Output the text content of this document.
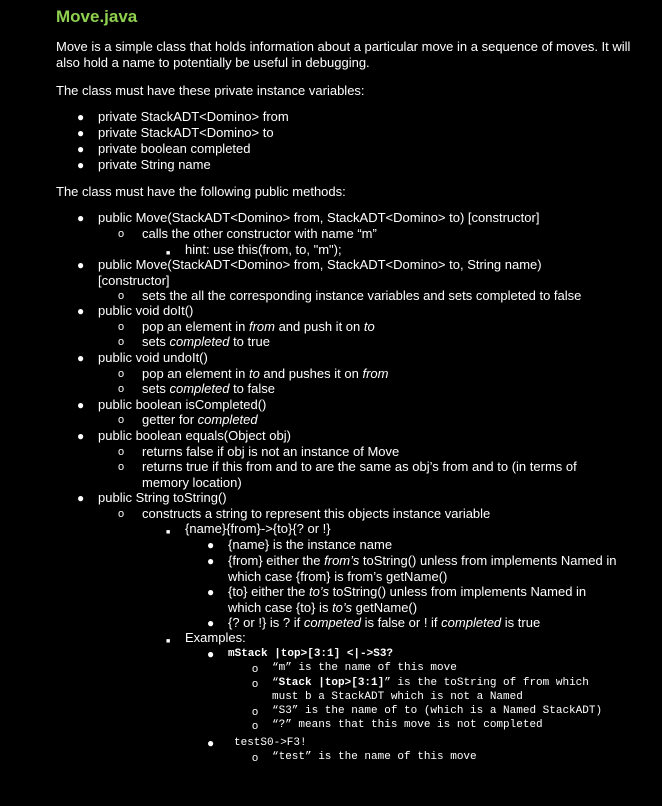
Move.java
Move is a simple class that holds information about a particular move in a sequence of moves. It will also hold a name to potentially be useful in debugging.
The class must have these private instance variables:
● private StackADT<Domino> from
● private StackADT<Domino> to
● private boolean completed
● private String name
The class must have the following public methods:
● public Move(StackADT<Domino> from, StackADT<Domino> to) [constructor]
o calls the other constructor with name “m”
■ hint: use this(from, to, "m");
● public Move(StackADT<Domino> from, StackADT<Domino> to, String name) [constructor]
o sets the all the corresponding instance variables and sets completed to false
● public void doIt()
o pop an element in from and push it on to
o sets completed to true
● public void undoIt()
o pop an element in to and pushes it on from
o sets completed to false
● public boolean isCompleted()
o getter for completed
● public boolean equals(Object obj)
o returns false if obj is not an instance of Move
o returns true if this from and to are the same as obj’s from and to (in terms of memory location)
● public String toString()
o constructs a string to represent this objects instance variable
■ {name}{from}->{to}{? or !}
● {name} is the instance name
● {from} either the from’s toString() unless from implements Named in which case {from} is from’s getName()
● {to} either the to’s toString() unless from implements Named in which case {to} is to’s getName()
● {? or !} is ? if competed is false or ! if completed is true
■ Examples:
● mStack |top>[3:1] <|->S3?
o “m” is the name of this move
o “Stack |top>[3:1]” is the toString of from which
must b a StackADT which is not a Named
o “S3” is the name of to (which is a Named StackADT)
o “?” means that this move is not completed
● testS0->F3!
o “test” is the name of this move
